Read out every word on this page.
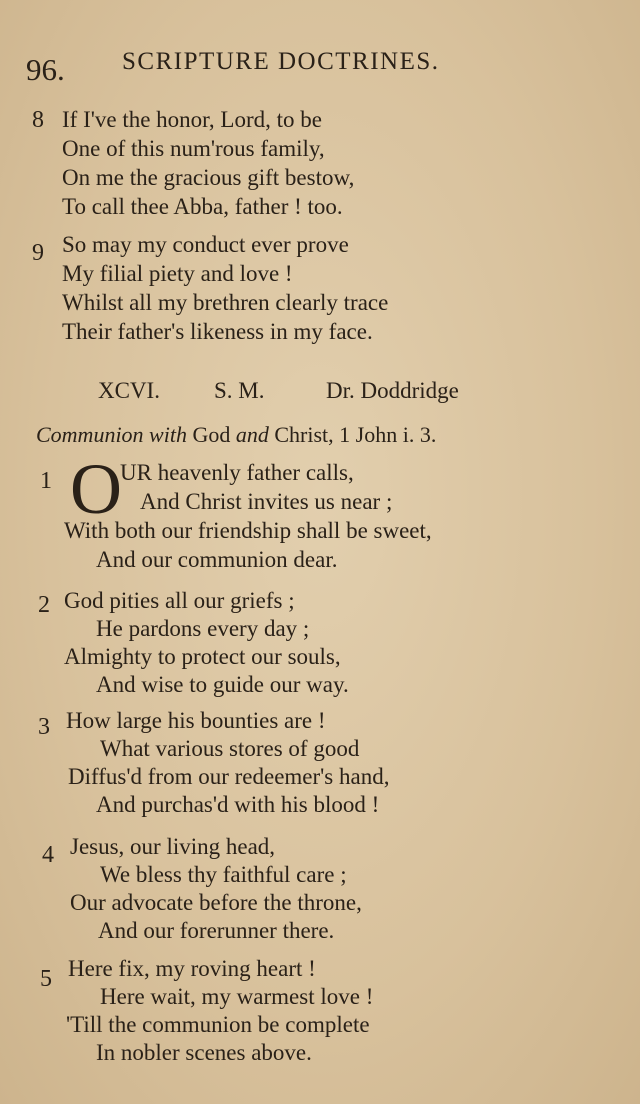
96. SCRIPTURE DOCTRINES.
8 If I've the honor, Lord, to be
One of this num'rous family,
On me the gracious gift bestow,
To call thee Abba, father ! too.
9 So may my conduct ever prove
My filial piety and love !
Whilst all my brethren clearly trace
Their father's likeness in my face.
XCVI. S. M.	Dr. Doddridge
Communion with God and Christ, 1 John i. 3.
1 O
UR heavenly father calls,
And Christ invites us near ;
With both our friendship shall be sweet,
And our communion dear.
2 God pities all our griefs ;
He pardons every day ;
Almighty to protect our souls,
And wise to guide our way.
3 How large his bounties are !
What various stores of good
Diffus'd from our redeemer's hand,
And purchas'd with his blood !
4 Jesus, our living head,
We bless thy faithful care ;
Our advocate before the throne,
And our forerunner there.
5 Here fix, my roving heart !
Here wait, my warmest love !
'Till the communion be complete
In nobler scenes above.
